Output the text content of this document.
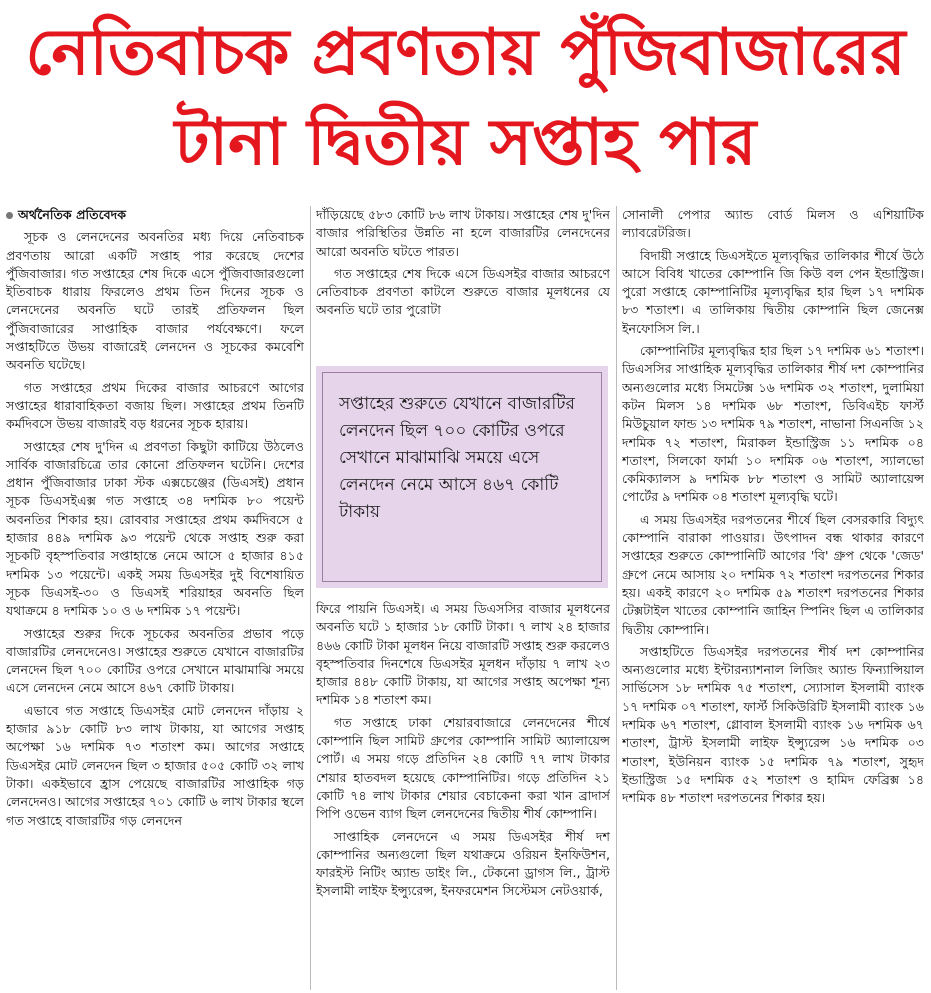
নেতিবাচক প্রবণতায় পুঁজিবাজারের
টানা দ্বিতীয় সপ্তাহ পার

অর্থনৈতিক প্রতিবেদক

সূচক ও লেনদেনের অবনতির মধ্য দিয়ে নেতিবাচক প্রবণতায় আরো একটি সপ্তাহ পার করেছে দেশের পুঁজিবাজার। গত সপ্তাহের শেষ দিকে এসে পুঁজিবাজারগুলো ইতিবাচক ধারায় ফিরলেও প্রথম তিন দিনের সূচক ও লেনদেনের অবনতি ঘটে তারই প্রতিফলন ছিল পুঁজিবাজারের সাপ্তাহিক বাজার পর্যবেক্ষণে। ফলে সপ্তাহটিতে উভয় বাজারেই লেনদেন ও সূচকের কমবেশি অবনতি ঘটেছে।

গত সপ্তাহের প্রথম দিকের বাজার আচরণে আগের সপ্তাহের ধারাবাহিকতা বজায় ছিল। সপ্তাহের প্রথম তিনটি কর্মদিবসে উভয় বাজারই বড় ধরনের সূচক হারায়।

সপ্তাহের শেষ দু'দিন এ প্রবণতা কিছুটা কাটিয়ে উঠলেও সার্বিক বাজারচিত্রে তার কোনো প্রতিফলন ঘটেনি। দেশের প্রধান পুঁজিবাজার ঢাকা স্টক এক্সচেঞ্জের (ডিএসই) প্রধান সূচক ডিএসইএক্স গত সপ্তাহে ৩৪ দশমিক ৮০ পয়েন্ট অবনতির শিকার হয়। রোববার সপ্তাহের প্রথম কর্মদিবসে ৫ হাজার ৪৪৯ দশমিক ৯৩ পয়েন্ট থেকে সপ্তাহ শুরু করা সূচকটি বৃহস্পতিবার সপ্তাহান্তে নেমে আসে ৫ হাজার ৪১৫ দশমিক ১৩ পয়েন্টে। একই সময় ডিএসইর দুই বিশেষায়িত সূচক ডিএসই-৩০ ও ডিএসই শরিয়াহর অবনতি ছিল যথাক্রমে ৪ দশমিক ১০ ও ৬ দশমিক ১৭ পয়েন্ট।

সপ্তাহের শুরুর দিকে সূচকের অবনতির প্রভাব পড়ে বাজারটির লেনদেনেও। সপ্তাহের শুরুতে যেখানে বাজারটির লেনদেন ছিল ৭০০ কোটির ওপরে সেখানে মাঝামাঝি সময়ে এসে লেনদেন নেমে আসে ৪৬৭ কোটি টাকায়।

এভাবে গত সপ্তাহে ডিএসইর মোট লেনদেন দাঁড়ায় ২ হাজার ৯১৮ কোটি ৮৩ লাখ টাকায়, যা আগের সপ্তাহ অপেক্ষা ১৬ দশমিক ৭৩ শতাংশ কম। আগের সপ্তাহে ডিএসইর মোট লেনদেন ছিল ৩ হাজার ৫০৫ কোটি ৩২ লাখ টাকা। একইভাবে হ্রাস পেয়েছে বাজারটির সাপ্তাহিক গড় লেনদেনও। আগের সপ্তাহের ৭০১ কোটি ৬ লাখ টাকার স্থলে গত সপ্তাহে বাজারটির গড় লেনদেন

দাঁড়িয়েছে ৫৮৩ কোটি ৮৬ লাখ টাকায়। সপ্তাহের শেষ দু'দিন বাজার পরিস্থিতির উন্নতি না হলে বাজারটির লেনদেনের আরো অবনতি ঘটতে পারত।

গত সপ্তাহের শেষ দিকে এসে ডিএসইর বাজার আচরণে নেতিবাচক প্রবণতা কাটলে শুরুতে বাজার মূলধনের যে অবনতি ঘটে তার পুরোটা

সপ্তাহের শুরুতে যেখানে বাজারটির লেনদেন ছিল ৭০০ কোটির ওপরে সেখানে মাঝামাঝি সময়ে এসে লেনদেন নেমে আসে ৪৬৭ কোটি টাকায়

ফিরে পায়নি ডিএসই। এ সময় ডিএসসির বাজার মূলধনের অবনতি ঘটে ১ হাজার ১৮ কোটি টাকা। ৭ লাখ ২৪ হাজার ৪৬৬ কোটি টাকা মূলধন নিয়ে বাজারটি সপ্তাহ শুরু করলেও বৃহস্পতিবার দিনশেষে ডিএসইর মূলধন দাঁড়ায় ৭ লাখ ২৩ হাজার ৪৪৮ কোটি টাকায়, যা আগের সপ্তাহ অপেক্ষা শূন্য দশমিক ১৪ শতাংশ কম।

গত সপ্তাহে ঢাকা শেয়ারবাজারে লেনদেনের শীর্ষে কোম্পানি ছিল সামিট গ্রুপের কোম্পানি সামিট অ্যালায়েন্স পোর্ট। এ সময় গড়ে প্রতিদিন ২৪ কোটি ৭৭ লাখ টাকার শেয়ার হাতবদল হয়েছে কোম্পানিটির। গড়ে প্রতিদিন ২১ কোটি ৭৪ লাখ টাকার শেয়ার বেচাকেনা করা খান ব্রাদার্স পিপি ওভেন ব্যাগ ছিল লেনদেনের দ্বিতীয় শীর্ষ কোম্পানি।

সাপ্তাহিক লেনদেনে এ সময় ডিএসইর শীর্ষ দশ কোম্পানির অন্যগুলো ছিল যথাক্রমে ওরিয়ন ইনফিউশন, ফারইস্ট নিটিং অ্যান্ড ডাইং লি., টেকনো ড্রাগস লি., ট্রাস্ট ইসলামী লাইফ ইন্স্যুরেন্স, ইনফরমেশন সিস্টেমস নেটওয়ার্ক,

সোনালী পেপার অ্যান্ড বোর্ড মিলস ও এশিয়াটিক ল্যাবরেটরিজ।

বিদায়ী সপ্তাহে ডিএসইতে মূল্যবৃদ্ধির তালিকার শীর্ষে উঠে আসে বিবিধ খাতের কোম্পানি জি কিউ বল পেন ইন্ডাস্ট্রিজ। পুরো সপ্তাহে কোম্পানিটির মূল্যবৃদ্ধির হার ছিল ১৭ দশমিক ৮৩ শতাংশ। এ তালিকায় দ্বিতীয় কোম্পানি ছিল জেনেক্স ইনফোসিস লি.।

কোম্পানিটির মূল্যবৃদ্ধির হার ছিল ১৭ দশমিক ৬১ শতাংশ। ডিএসসির সাপ্তাহিক মূল্যবৃদ্ধির তালিকার শীর্ষ দশ কোম্পানির অন্যগুলোর মধ্যে সিমটেক্স ১৬ দশমিক ৩২ শতাংশ, দুলামিয়া কটন মিলস ১৪ দশমিক ৬৮ শতাংশ, ডিবিএইচ ফার্স্ট মিউচুয়াল ফান্ড ১৩ দশমিক ৭৯ শতাংশ, নাভানা সিএনজি ১২ দশমিক ৭২ শতাংশ, মিরাকল ইন্ডাস্ট্রিজ ১১ দশমিক ০৪ শতাংশ, সিলকো ফার্মা ১০ দশমিক ০৬ শতাংশ, স্যালভো কেমিক্যালস ৯ দশমিক ৮৮ শতাংশ ও সামিট অ্যালায়েন্স পোর্টের ৯ দশমিক ০৪ শতাংশ মূল্যবৃদ্ধি ঘটে।

এ সময় ডিএসইর দরপতনের শীর্ষে ছিল বেসরকারি বিদ্যুৎ কোম্পানি বারাকা পাওয়ার। উৎপাদন বন্ধ থাকার কারণে সপ্তাহের শুরুতে কোম্পানিটি আগের 'বি' গ্রুপ থেকে 'জেড' গ্রুপে নেমে আসায় ২০ দশমিক ৭২ শতাংশ দরপতনের শিকার হয়। একই কারণে ২০ দশমিক ৫৯ শতাংশ দরপতনের শিকার টেক্সটাইল খাতের কোম্পানি জাহিন স্পিনিং ছিল এ তালিকার দ্বিতীয় কোম্পানি।

সপ্তাহটিতে ডিএসইর দরপতনের শীর্ষ দশ কোম্পানির অন্যগুলোর মধ্যে ইন্টারন্যাশনাল লিজিং অ্যান্ড ফিন্যান্সিয়াল সার্ভিসেস ১৮ দশমিক ৭৫ শতাংশ, স্যোসাল ইসলামী ব্যাংক ১৭ দশমিক ০৭ শতাংশ, ফার্স্ট সিকিউরিটি ইসলামী ব্যাংক ১৬ দশমিক ৬৭ শতাংশ, গ্লোবাল ইসলামী ব্যাংক ১৬ দশমিক ৬৭ শতাংশ, ট্রাস্ট ইসলামী লাইফ ইন্স্যুরেন্স ১৬ দশমিক ০৩ শতাংশ, ইউনিয়ন ব্যাংক ১৫ দশমিক ৭৯ শতাংশ, সুহৃদ ইন্ডাস্ট্রিজ ১৫ দশমিক ৫২ শতাংশ ও হামিদ ফেব্রিক্স ১৪ দশমিক ৪৮ শতাংশ দরপতনের শিকার হয়।
